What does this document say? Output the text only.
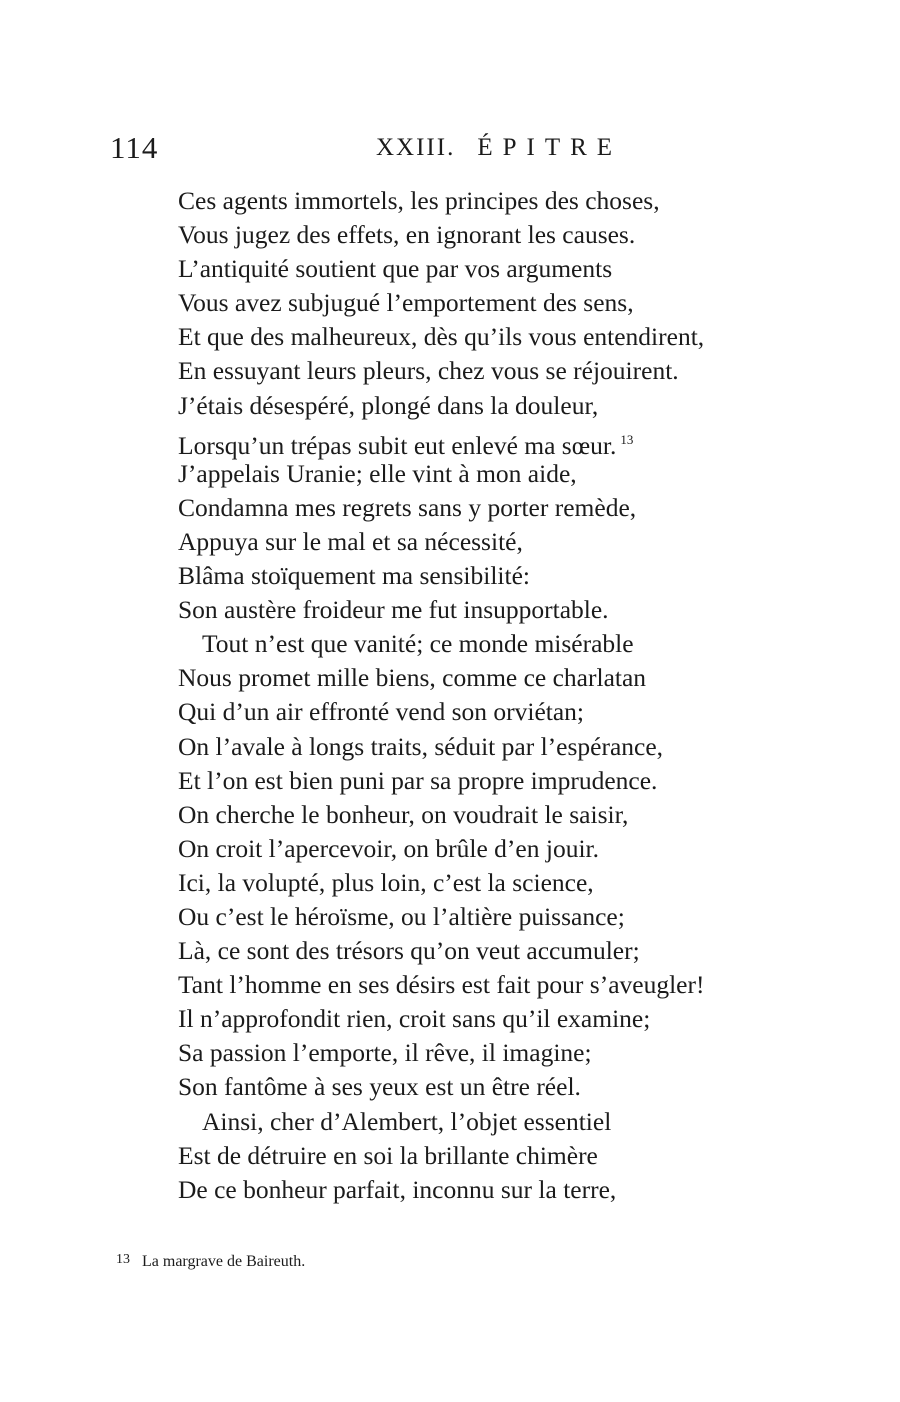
114	XXIII. ÉPITRE
Ces agents immortels, les principes des choses,
Vous jugez des effets, en ignorant les causes.
L’antiquité soutient que par vos arguments
Vous avez subjugué l’emportement des sens,
Et que des malheureux, dès qu’ils vous entendirent,
En essuyant leurs pleurs, chez vous se réjouirent.
J’étais désespéré, plongé dans la douleur,
Lorsqu’un trépas subit eut enlevé ma sœur. $^{13}$
J’appelais Uranie; elle vint à mon aide,
Condamna mes regrets sans y porter remède,
Appuya sur le mal et sa nécessité,
Blâma stoïquement ma sensibilité:
Son austère froideur me fut insupportable.
Tout n’est que vanité; ce monde misérable
Nous promet mille biens, comme ce charlatan
Qui d’un air effronté vend son orviétan;
On l’avale à longs traits, séduit par l’espérance,
Et l’on est bien puni par sa propre imprudence.
On cherche le bonheur, on voudrait le saisir,
On croit l’apercevoir, on brûle d’en jouir.
Ici, la volupté, plus loin, c’est la science,
Ou c’est le héroïsme, ou l’altière puissance;
Là, ce sont des trésors qu’on veut accumuler;
Tant l’homme en ses désirs est fait pour s’aveugler!
Il n’approfondit rien, croit sans qu’il examine;
Sa passion l’emporte, il rêve, il imagine;
Son fantôme à ses yeux est un être réel.
Ainsi, cher d’Alembert, l’objet essentiel
Est de détruire en soi la brillante chimère
De ce bonheur parfait, inconnu sur la terre,
13 La margrave de Baireuth.
